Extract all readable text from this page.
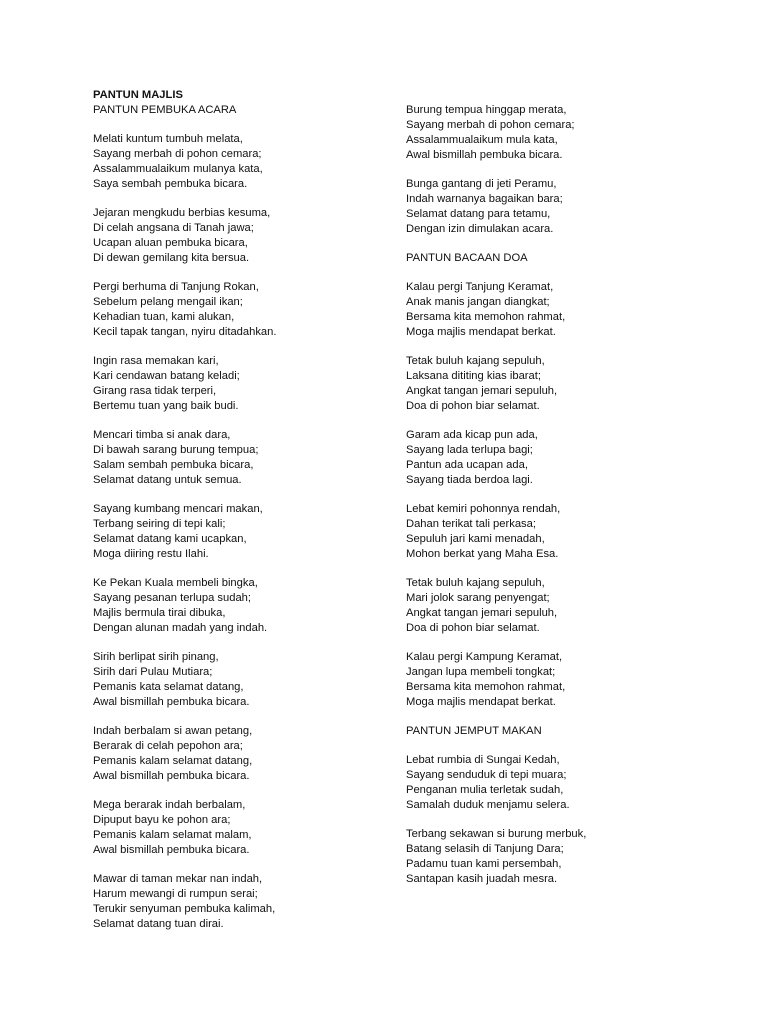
PANTUN MAJLIS
PANTUN PEMBUKA ACARA
Melati kuntum tumbuh melata,
Sayang merbah di pohon cemara;
Assalammualaikum mulanya kata,
Saya sembah pembuka bicara.
Jejaran mengkudu berbias kesuma,
Di celah angsana di Tanah jawa;
Ucapan aluan pembuka bicara,
Di dewan gemilang kita bersua.
Pergi berhuma di Tanjung Rokan,
Sebelum pelang mengail ikan;
Kehadian tuan, kami alukan,
Kecil tapak tangan, nyiru ditadahkan.
Ingin rasa memakan kari,
Kari cendawan batang keladi;
Girang rasa tidak terperi,
Bertemu tuan yang baik budi.
Mencari timba si anak dara,
Di bawah sarang burung tempua;
Salam sembah pembuka bicara,
Selamat datang untuk semua.
Sayang kumbang mencari makan,
Terbang seiring di tepi kali;
Selamat datang kami ucapkan,
Moga diiring restu Ilahi.
Ke Pekan Kuala membeli bingka,
Sayang pesanan terlupa sudah;
Majlis bermula tirai dibuka,
Dengan alunan madah yang indah.
Sirih berlipat sirih pinang,
Sirih dari Pulau Mutiara;
Pemanis kata selamat datang,
Awal bismillah pembuka bicara.
Indah berbalam si awan petang,
Berarak di celah pepohon ara;
Pemanis kalam selamat datang,
Awal bismillah pembuka bicara.
Mega berarak indah berbalam,
Dipuput bayu ke pohon ara;
Pemanis kalam selamat malam,
Awal bismillah pembuka bicara.
Mawar di taman mekar nan indah,
Harum mewangi di rumpun serai;
Terukir senyuman pembuka kalimah,
Selamat datang tuan dirai.
Burung tempua hinggap merata,
Sayang merbah di pohon cemara;
Assalammualaikum mula kata,
Awal bismillah pembuka bicara.
Bunga gantang di jeti Peramu,
Indah warnanya bagaikan bara;
Selamat datang para tetamu,
Dengan izin dimulakan acara.
PANTUN BACAAN DOA
Kalau pergi Tanjung Keramat,
Anak manis jangan diangkat;
Bersama kita memohon rahmat,
Moga majlis mendapat berkat.
Tetak buluh kajang sepuluh,
Laksana dititing kias ibarat;
Angkat tangan jemari sepuluh,
Doa di pohon biar selamat.
Garam ada kicap pun ada,
Sayang lada terlupa bagi;
Pantun ada ucapan ada,
Sayang tiada berdoa lagi.
Lebat kemiri pohonnya rendah,
Dahan terikat tali perkasa;
Sepuluh jari kami menadah,
Mohon berkat yang Maha Esa.
Tetak buluh kajang sepuluh,
Mari jolok sarang penyengat;
Angkat tangan jemari sepuluh,
Doa di pohon biar selamat.
Kalau pergi Kampung Keramat,
Jangan lupa membeli tongkat;
Bersama kita memohon rahmat,
Moga majlis mendapat berkat.
PANTUN JEMPUT MAKAN
Lebat rumbia di Sungai Kedah,
Sayang senduduk di tepi muara;
Penganan mulia terletak sudah,
Samalah duduk menjamu selera.
Terbang sekawan si burung merbuk,
Batang selasih di Tanjung Dara;
Padamu tuan kami persembah,
Santapan kasih juadah mesra.
